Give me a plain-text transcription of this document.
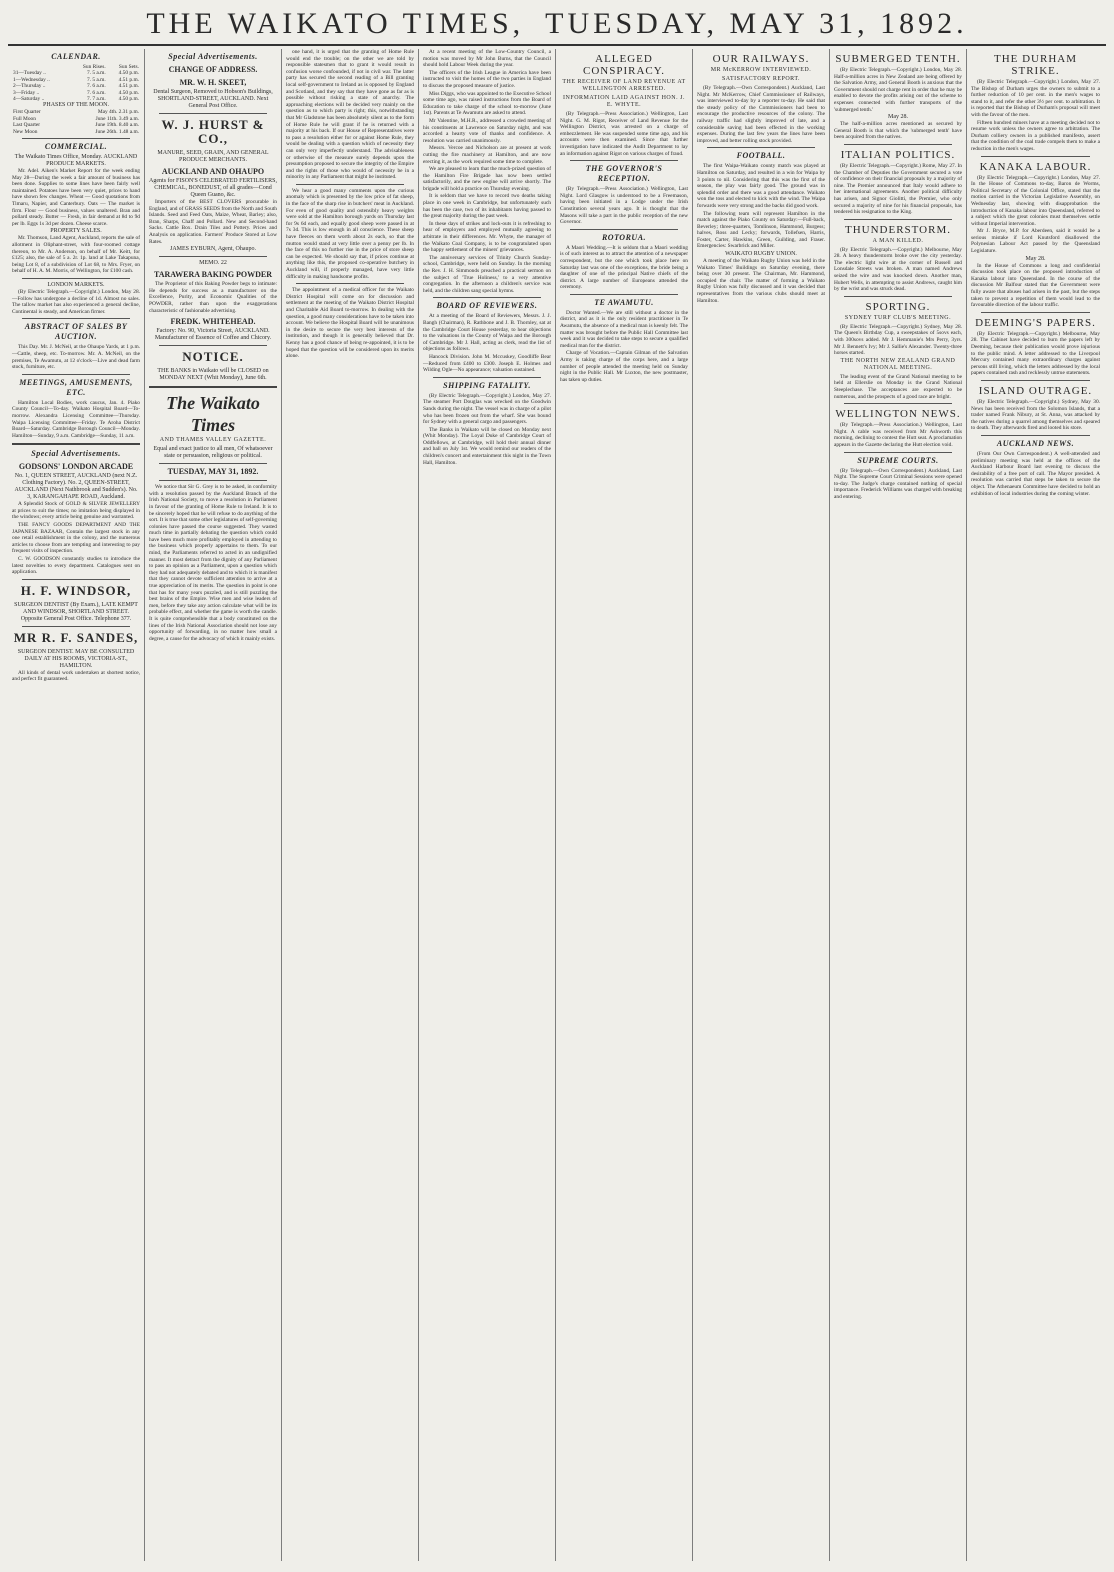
THE WAIKATO TIMES, TUESDAY, MAY 31, 1892.
CALENDAR.
	Sun Rises.	Sun Sets.
31—Tuesday ..	7. 5 a.m.	4.50 p.m.
1—Wednesday ..	7. 5 a.m.	4.51 p.m.
2—Thursday ..	7. 6 a.m.	4.51 p.m.
3—Friday ..	7. 6 a.m.	4.50 p.m.
4—Saturday ..	7. 7 a.m.	4.50 p.m.
PHASES OF THE MOON.
First Quarter	May 4th. 2.31 p.m.
Full Moon	June 11th. 3.49 a.m.
Last Quarter	June 19th. 8.40 a.m.
New Moon	June 26th. 1.48 a.m.
COMMERCIAL.
The Waikato Times Office, Monday. AUCKLAND PRODUCE MARKETS.

Mr. Adel. Aiken's Market Report for the week ending May 28—During the week a fair amount of business has been done. Supplies to some lines have been fairly well maintained. Potatoes have been very quiet, prices to hand have shown few changes. Wheat — Good quotations from Timaru, Napier, and Canterbury. Oats — The market is firm. Flour — Good business, values unaltered. Bran and pollard steady. Butter — Fresh, in fair demand at 8d to 9d per lb. Eggs 1s 3d per dozen. Cheese scarce.

PROPERTY SALES.

Mr. Thomson, Land Agent, Auckland, reports the sale of allotment in Oliphant-street, with four-roomed cottage thereon, to Mr. A. Anderson, on behalf of Mr. Keitt, for £125; also, the sale of 5 a. 2r. 1p. land at Lake Takapuna, being Lot 8, of a subdivision of Lot 68, to Mrs. Fryer, on behalf of H. A. M. Morris, of Wellington, for £100 cash.

LONDON MARKETS.

(By Electric Telegraph.—Copyright.) London, May 28.—Follow has undergone a decline of 1d. Almost no sales. The tallow market has also experienced a general decline, Continental is steady, and American firmer.

ABSTRACT OF SALES BY AUCTION.

This Day. Mr. J. McNeil, at the Ohaupo Yards, at 1 p.m.—Cattle, sheep, etc. To-morrow. Mr. A. McNeil, on the premises, Te Awamutu, at 12 o'clock—Live and dead farm stock, furniture, etc.

MEETINGS, AMUSEMENTS, ETC.

Hamilton Local Bodies, work caucus, Jan. 4. Piako County Council—To-day. Waikato Hospital Board—To-morrow. Alexandra Licensing Committee—Thursday. Waipa Licensing Committee—Friday. Te Aroha District Board—Saturday. Cambridge Borough Council—Monday. Hamilton—Sunday, 9 a.m. Cambridge—Sunday, 11 a.m.

Special Advertisements.
GODSONS' LONDON ARCADE
No. 1, QUEEN STREET, AUCKLAND (next N.Z. Clothing Factory). No. 2, QUEEN-STREET, AUCKLAND (Next Nathbrook and Sudden's). No. 3, KARANGAHAPE ROAD, Auckland.

A Splendid Stock of GOLD & SILVER JEWELLERY at prices to suit the times; no imitation being displayed in the windows; every article being genuine and warranted.

THE FANCY GOODS DEPARTMENT AND THE JAPANESE BAZAAR, Contain the largest stock in any one retail establishment in the colony, and the numerous articles to choose from are tempting and interesting to pay frequent visits of inspection.

C. W. GOODSON constantly studies to introduce the latest novelties to every department. Catalogues sent on application.

H. F. WINDSOR,
SURGEON DENTIST (By Exam.), LATE KEMPT AND WINDSOR, SHORTLAND STREET. Opposite General Post Office. Telephone 377.
MR R. F. SANDES,
SURGEON DENTIST. MAY BE CONSULTED DAILY AT HIS ROOMS, VICTORIA-ST., HAMILTON.

All kinds of dental work undertaken at shortest notice, and perfect fit guaranteed.

Special Advertisements.
CHANGE OF ADDRESS.
MR. W. H. SKEET,
Dental Surgeon, Removed to Hobson's Buildings, SHORTLAND-STREET, AUCKLAND. Next General Post Office.
W. J. HURST & CO.,
MANURE, SEED, GRAIN, AND GENERAL PRODUCE MERCHANTS.
AUCKLAND AND OHAUPO
Agents for FISON'S CELEBRATED FERTILISERS, CHEMICAL, BONEDUST, of all grades—Cond Queen Guano, &c.

Importers of the BEST CLOVERS procurable in England, and of GRASS SEEDS from the North and South Islands. Seed and Feed Oats, Maize, Wheat, Barley; also, Bran, Sharps, Chaff and Pollard. New and Second-hand Sacks. Cattle Box. Drain Tiles and Pottery. Prices and Analysis on application. Farmers' Produce Stored at Low Rates.

JAMES EYBURN, Agent, Ohaupo.
MEMO. 22
TARAWERA BAKING POWDER

The Proprietor of this Baking Powder begs to intimate: He depends for success as a manufacturer on the Excellence, Purity, and Economic Qualities of the POWDER, rather than upon the exaggerations characteristic of fashionable advertising.

FREDK. WHITEHEAD.
Factory: No. 90, Victoria Street, AUCKLAND. Manufacturer of Essence of Coffee and Chicory.
NOTICE.
THE BANKS in Waikato will be CLOSED on MONDAY NEXT (Whit Monday), June 6th.
The Waikato Times
AND THAMES VALLEY GAZETTE.
Equal and exact justice to all men, Of whatsoever state or persuasion, religious or political.
TUESDAY, MAY 31, 1892.

We notice that Sir G. Grey is to be asked, in conformity with a resolution passed by the Auckland Branch of the Irish National Society, to move a resolution in Parliament in favour of the granting of Home Rule to Ireland. It is to be sincerely hoped that he will refuse to do anything of the sort. It is true that some other legislatures of self-governing colonies have passed the course suggested. They wasted much time in partially debating the question which could have been much more profitably employed in attending to the business which properly appertains to them. To our mind, the Parliaments referred to acted in an undignified manner. It most detract from the dignity of any Parliament to pass an opinion as a Parliament, upon a question which they had not adequately debated and to which it is manifest that they cannot devote sufficient attention to arrive at a true appreciation of its merits. The question in point is one that has for many years puzzled, and is still puzzling the best brains of the Empire. Wise men and wise leaders of men, before they take any action calculate what will be its probable effect, and whether the game is worth the candle. It is quite comprehensible that a body constituted on the lines of the Irish National Association should not lose any opportunity of forwarding, in no matter how small a degree, a cause for the advocacy of which it mainly exists.

one hand, it is urged that the granting of Home Rule would end the trouble; on the other we are told by responsible statesmen that to grant it would result in confusion worse confounded, if not in civil war. The latter party has secured the second reading of a Bill granting local self-government to Ireland as is opposed by England and Scotland, and they say that they have gone as far as is possible without risking a state of anarchy. The approaching elections will be decided very mainly on the question as to which party is right; this, notwithstanding that Mr Gladstone has been absolutely silent as to the form of Home Rule he will grant if he is returned with a majority at his back. If our House of Representatives were to pass a resolution either for or against Home Rule, they would be dealing with a question which of necessity they can only very imperfectly understand. The advisableness or otherwise of the measure surely depends upon the presumption proposed to secure the integrity of the Empire and the rights of those who would of necessity be in a minority in any Parliament that might be instituted.

We hear a good many comments upon the curious anomaly which is presented by the low price of fat sheep, in the face of the sharp rise in butchers' meat in Auckland. For even of good quality and ostensibly heavy weights were sold at the Hamilton borough yards on Thursday last for 9s 6d each, and equally good sheep were passed in at 7s 3d. This is low enough in all conscience. These sheep have fleeces on them worth about 2s each, so that the mutton would stand at very little over a penny per lb. In the face of this no further rise in the price of store sheep can be expected. We should say that, if prices continue at anything like this, the proposed co-operative butchery in Auckland will, if properly managed, have very little difficulty in making handsome profits.

The appointment of a medical officer for the Waikato District Hospital will come on for discussion and settlement at the meeting of the Waikato District Hospital and Charitable Aid Board to-morrow. In dealing with the question, a good many considerations have to be taken into account. We believe the Hospital Board will be unanimous in the desire to secure the very best interests of the institution, and though it is generally believed that Dr. Kenny has a good chance of being re-appointed, it is to be hoped that the question will be considered upon its merits alone.

At a recent meeting of the Low-Country Council, a motion was moved by Mr John Burns, that the Council should hold Labour Week during the year.

The officers of the Irish League in America have been instructed to visit the homes of the two parties in England to discuss the proposed measure of justice.

Miss Diggs, who was appointed to the Executive School some time ago, was raised instructions from the Board of Education to take charge of the school to-morrow (June 1st). Parents at Te Awamutu are asked to attend.

Mr Valentine, M.H.R., addressed a crowded meeting of his constituents at Lawrence on Saturday night, and was accorded a hearty vote of thanks and confidence. A resolution was carried unanimously.

Messrs. Vercoe and Nicholson are at present at work cutting the fire machinery at Hamilton, and are now erecting it, as the work required some time to complete.

We are pleased to learn that the much-prized question of the Hamilton Fire Brigade has now been settled satisfactorily, and the new engine will arrive shortly. The brigade will hold a practice on Thursday evening.

It is seldom that we have to record two deaths taking place in one week in Cambridge, but unfortunately such has been the case, two of its inhabitants having passed to the great majority during the past week.

In these days of strikes and lock-outs it is refreshing to hear of employers and employed mutually agreeing to arbitrate in their differences. Mr. Whyte, the manager of the Waikato Coal Company, is to be congratulated upon the happy settlement of the miners' grievances.

The anniversary services of Trinity Church Sunday-school, Cambridge, were held on Sunday. In the morning the Rev. J. H. Simmonds preached a practical sermon on the subject of 'True Holiness,' to a very attentive congregation. In the afternoon a children's service was held, and the children sang special hymns.

BOARD OF REVIEWERS.

At a meeting of the Board of Reviewers, Messrs. J. J. Bangh (Chairman), R. Rathbone and J. B. Thornley, sat at the Cambridge Court House yesterday, to hear objections to the valuations in the County of Waipa and the Borough of Cambridge. Mr J. Hall, acting as clerk, read the list of objections as follows.

Hancock Division. John M. Mccuskey, Goodliffe Bear—Reduced from £400 to £300. Joseph E. Holmes and Wilding Ogle—No appearance; valuation sustained.

SHIPPING FATALITY.

(By Electric Telegraph.—Copyright.) London, May 27. The steamer Port Douglas was wrecked on the Goodwin Sands during the night. The vessel was in charge of a pilot who has been frozen out from the wharf. She was bound for Sydney with a general cargo and passengers.

The Banks in Waikato will be closed on Monday next (Whit Monday). The Loyal Duke of Cambridge Court of Oddfellows, at Cambridge, will hold their annual dinner and ball on July 1st. We would remind our readers of the children's concert and entertainment this night in the Town Hall, Hamilton.

ALLEGED CONSPIRACY.
THE RECEIVER OF LAND REVENUE AT WELLINGTON ARRESTED.
INFORMATION LAID AGAINST HON. J. E. WHYTE.

(By Telegraph.—Press Association.) Wellington, Last Night. G. M. Rigot, Receiver of Land Revenue for the Wellington District, was arrested on a charge of embezzlement. He was suspended some time ago, and his accounts were then examined. Since that further investigation have indicated the Audit Department to lay an information against Rigot on various charges of fraud.

THE GOVERNOR'S RECEPTION.

(By Telegraph.—Press Association.) Wellington, Last Night. Lord Glasgow is understood to be a Freemason, having been initiated in a Lodge under the Irish Constitution several years ago. It is thought that the Masons will take a part in the public reception of the new Governor.

ROTORUA.

A Maori Wedding.—It is seldom that a Maori wedding is of such interest as to attract the attention of a newspaper correspondent, but the one which took place here on Saturday last was one of the exceptions, the bride being a daughter of one of the principal Native chiefs of the district. A large number of Europeans attended the ceremony.

TE AWAMUTU.

Doctor Wanted.—We are still without a doctor in the district, and as it is the only resident practitioner in Te Awamutu, the absence of a medical man is keenly felt. The matter was brought before the Public Hall Committee last week and it was decided to take steps to secure a qualified medical man for the district.

Charge of Vocation.—Captain Gilman of the Salvation Army is taking charge of the corps here, and a large number of people attended the meeting held on Sunday night in the Public Hall. Mr Luxton, the new postmaster, has taken up duties.

OUR RAILWAYS.
MR McKERROW INTERVIEWED.
SATISFACTORY REPORT.

(By Telegraph.—Own Correspondent.) Auckland, Last Night. Mr McKerrow, Chief Commissioner of Railways, was interviewed to-day by a reporter to-day. He said that the steady policy of the Commissioners had been to encourage the productive resources of the colony. The railway traffic had slightly improved of late, and a considerable saving had been effected in the working expenses. During the last few years the lines have been improved, and better rolling stock provided.

FOOTBALL.

The first Waipa-Waikato county match was played at Hamilton on Saturday, and resulted in a win for Waipa by 3 points to nil. Considering that this was the first of the season, the play was fairly good. The ground was in splendid order and there was a good attendance. Waikato won the toss and elected to kick with the wind. The Waipa forwards were very strong and the backs did good work.

The following team will represent Hamilton in the match against the Piako County on Saturday:—Full-back, Beverley; three-quarters, Tomlinson, Hammond, Burgess; halves, Ross and Lecky; forwards, Tollefsen, Harris, Foster, Carter, Hawkins, Green, Guilding, and Fraser. Emergencies: Swarbrick and Miller.

WAIKATO RUGBY UNION.

A meeting of the Waikato Rugby Union was held in the Waikato Times' Buildings on Saturday evening, there being over 30 present. The Chairman, Mr. Hammond, occupied the chair. The matter of forming a Waikato Rugby Union was fully discussed and it was decided that representatives from the various clubs should meet at Hamilton.

SUBMERGED TENTH.

(By Electric Telegraph.—Copyright.) London, May 28. Half-a-million acres in New Zealand are being offered by the Salvation Army, and General Booth is anxious that the Government should not charge rent in order that he may be enabled to devote the profits arising out of the scheme to expenses connected with further transports of the 'submerged tenth.'

May 28.

The half-a-million acres mentioned as secured by General Booth is that which the 'submerged tenth' have been acquired from the natives.

ITALIAN POLITICS.

(By Electric Telegraph.—Copyright.) Rome, May 27. In the Chamber of Deputies the Government secured a vote of confidence on their financial proposals by a majority of nine. The Premier announced that Italy would adhere to her international agreements. Another political difficulty has arisen, and Signor Giolitti, the Premier, who only secured a majority of nine for his financial proposals, has tendered his resignation to the King.

THUNDERSTORM.
A MAN KILLED.

(By Electric Telegraph.—Copyright.) Melbourne, May 28. A heavy thunderstorm broke over the city yesterday. The electric light wire at the corner of Russell and Lonsdale Streets was broken. A man named Andrews seized the wire and was knocked down. Another man, Hubert Wells, in attempting to assist Andrews, caught him by the wrist and was struck dead.

SPORTING.
SYDNEY TURF CLUB'S MEETING.

(By Electric Telegraph.—Copyright.) Sydney, May 28. The Queen's Birthday Cup, a sweepstakes of 5sovs each, with 300sovs added. Mr J. Hemmanie's Mrs Perry, 3yrs. Mr J. Bennett's Ivy; Mr J. Sallie's Alexander. Twenty-three horses started.

THE NORTH NEW ZEALAND GRAND NATIONAL MEETING.

The leading event of the Grand National meeting to be held at Ellerslie on Monday is the Grand National Steeplechase. The acceptances are expected to be numerous, and the prospects of a good race are bright.

WELLINGTON NEWS.

(By Telegraph.—Press Association.) Wellington, Last Night. A cable was received from Mr Ashworth this morning, declining to contest the Hutt seat. A proclamation appears in the Gazette declaring the Hutt election void.

SUPREME COURTS.

(By Telegraph.—Own Correspondent.) Auckland, Last Night. The Supreme Court Criminal Sessions were opened to-day. The Judge's charge contained nothing of special importance. Frederick Williams was charged with breaking and entering.

THE DURHAM STRIKE.

(By Electric Telegraph.—Copyright.) London, May 27. The Bishop of Durham urges the owners to submit to a further reduction of 10 per cent. in the men's wages to stand to it, and refer the other 3½ per cent. to arbitration. It is reported that the Bishop of Durham's proposal will meet with the favour of the men.

Fifteen hundred miners have at a meeting decided not to resume work unless the owners agree to arbitration. The Durham colliery owners in a published manifesto, assert that the condition of the coal trade compels them to make a reduction in the men's wages.

KANAKA LABOUR.

(By Electric Telegraph.—Copyright.) London, May 27. In the House of Commons to-day, Baron de Worms, Political Secretary of the Colonial Office, stated that the motion carried in the Victorian Legislative Assembly, on Wednesday last, showing with disapprobation the introduction of Kanaka labour into Queensland, referred to a subject which the great colonies must themselves settle without Imperial intervention.

Mr J. Bryce, M.P. for Aberdeen, said it would be a serious mistake if Lord Knutsford disallowed the Polynesian Labour Act passed by the Queensland Legislature.

May 28.

In the House of Commons a long and confidential discussion took place on the proposed introduction of Kanaka labour into Queensland. In the course of the discussion Mr Balfour stated that the Government were fully aware that abuses had arisen in the past, but the steps taken to prevent a repetition of them would lead to the favourable direction of the labour traffic.

DEEMING'S PAPERS.

(By Electric Telegraph.—Copyright.) Melbourne, May 28. The Cabinet have decided to burn the papers left by Deeming, because their publication would prove injurious to the public mind. A letter addressed to the Liverpool Mercury contained many extraordinary charges against persons still living, which the letters addressed by the local papers contained rash and recklessly untrue statements.

ISLAND OUTRAGE.

(By Electric Telegraph.—Copyright.) Sydney, May 30. News has been received from the Solomon Islands, that a trader named Frank Nibury, at St. Anna, was attacked by the natives during a quarrel among themselves and speared to death. They afterwards fired and looted his store.

AUCKLAND NEWS.

(From Our Own Correspondent.) A well-attended and preliminary meeting was held at the offices of the Auckland Harbour Board last evening to discuss the desirability of a free port of call. The Mayor presided. A resolution was carried that steps be taken to secure the object. The Athenaeum Committee have decided to hold an exhibition of local industries during the coming winter.
